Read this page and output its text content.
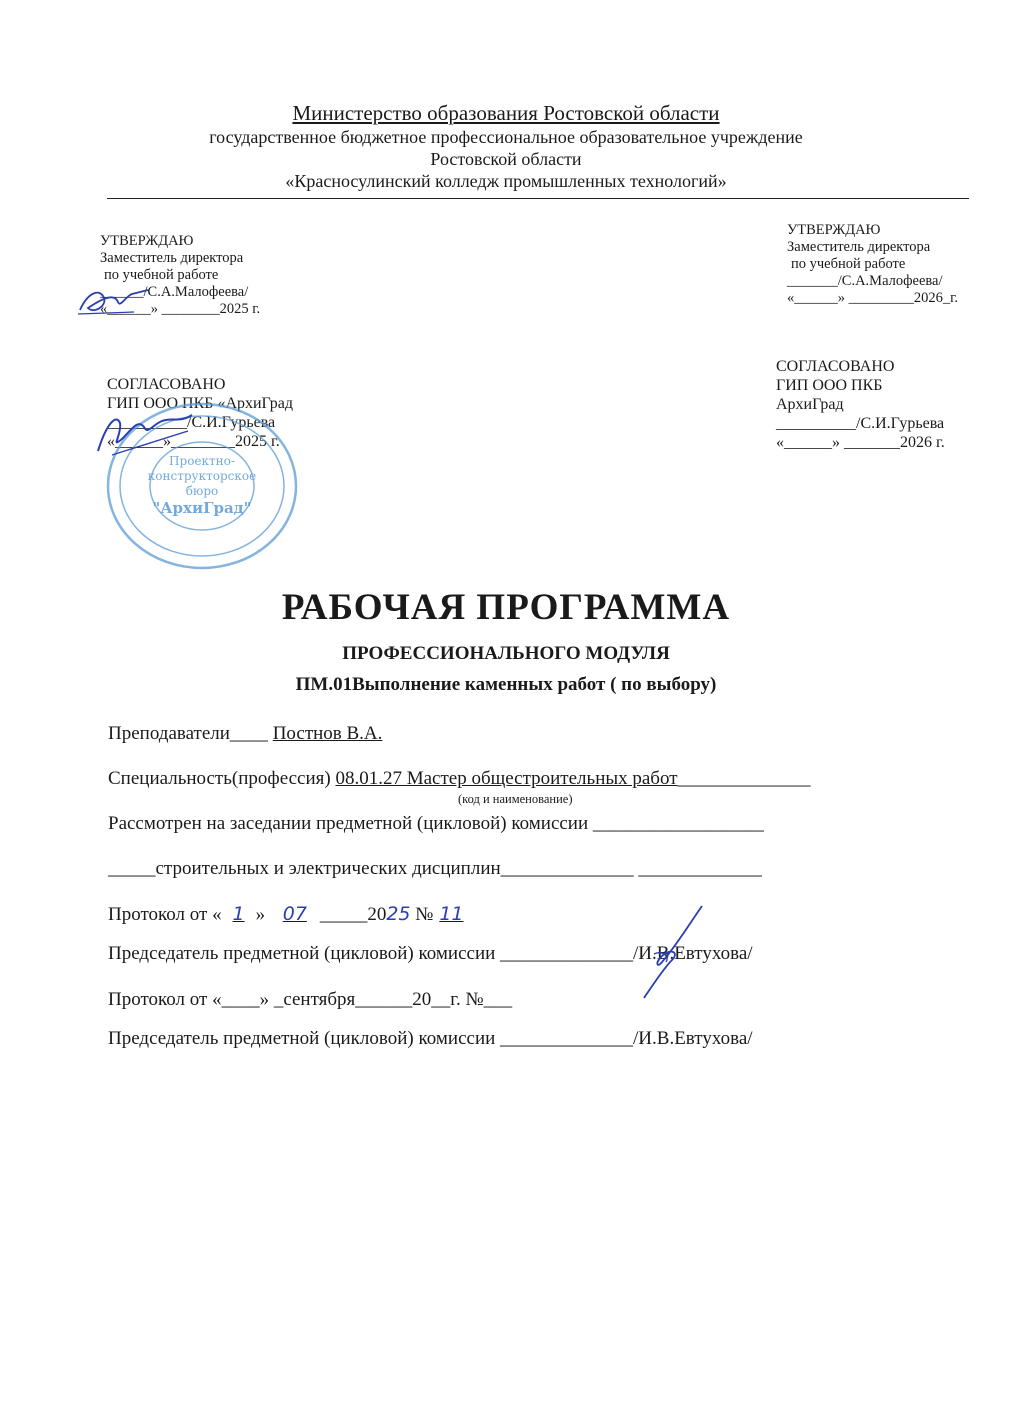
Министерство образования Ростовской области
государственное бюджетное профессиональное образовательное учреждение
Ростовской области
«Красносулинский колледж промышленных технологий»
УТВЕРЖДАЮ
Заместитель директора
по учебной работе
______/С.А.Малофеева/
«______» ________2025 г.
УТВЕРЖДАЮ
Заместитель директора
по учебной работе
_______/С.А.Малофеева/
«______» _________2026_г.
СОГЛАСОВАНО
ГИП ООО ПКБ «АрхиГрад
__________/С.И.Гурьева
«______»________2025 г.
СОГЛАСОВАНО
ГИП ООО ПКБ
АрхиГрад
__________/С.И.Гурьева
«______» _______2026 г.
Проектно-
конструкторское
бюро
"АрхиГрад"
РАБОЧАЯ ПРОГРАММА
ПРОФЕССИОНАЛЬНОГО МОДУЛЯ
ПМ.01Выполнение каменных работ ( по выбору)
Преподаватели____ Постнов В.А.
Специальность(профессия) 08.01.27 Мастер общестроительных работ______________
(код и наименование)
Рассмотрен на заседании предметной (цикловой) комиссии __________________
_____строительных и электрических дисциплин______________ _____________
Протокол от « 1 » 07 _____2025 № 11
Председатель предметной (цикловой) комиссии ______________/И.В.Евтухова/
Протокол от «____» _сентября______20__г. №___
Председатель предметной (цикловой) комиссии ______________/И.В.Евтухова/
